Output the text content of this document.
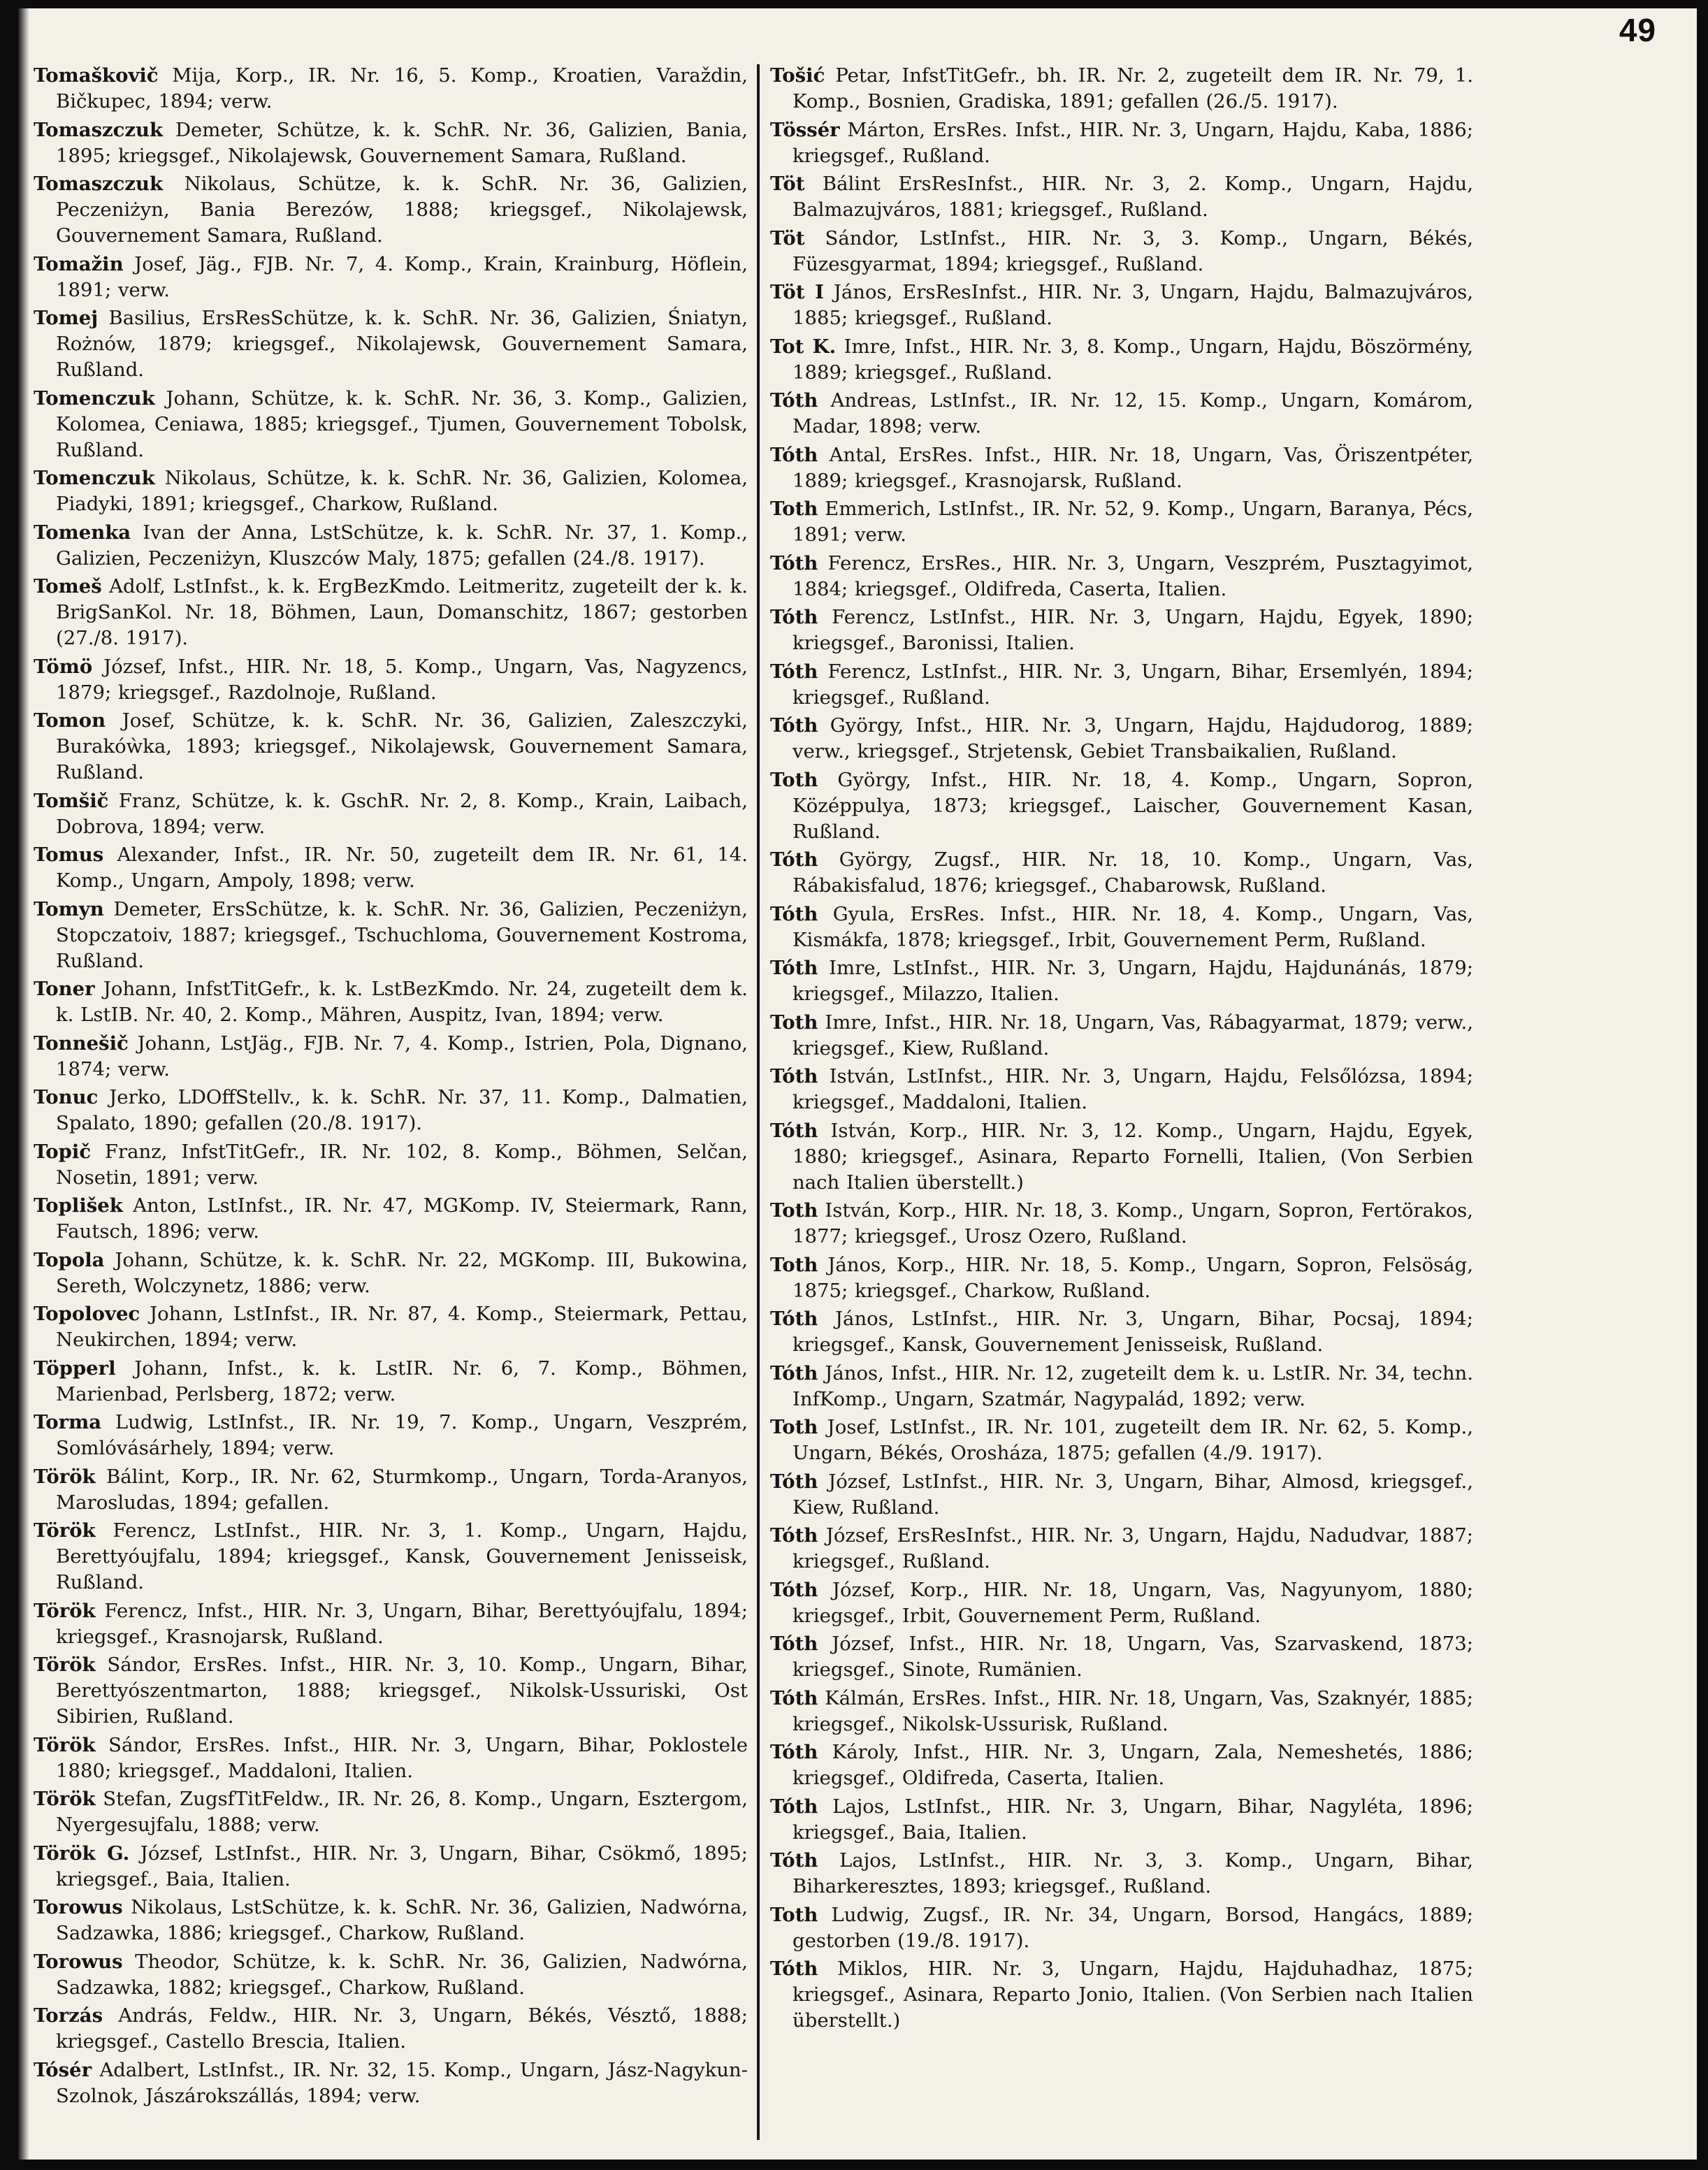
49

Tomaškovič Mija, Korp., IR. Nr. 16, 5. Komp., Kroatien, Varaždin, Bičkupec, 1894; verw.

Tomaszczuk Demeter, Schütze, k. k. SchR. Nr. 36, Galizien, Bania, 1895; kriegsgef., Nikolajewsk, Gouvernement Samara, Rußland.

Tomaszczuk Nikolaus, Schütze, k. k. SchR. Nr. 36, Galizien, Peczeniżyn, Bania Berezów, 1888; kriegsgef., Nikolajewsk, Gouvernement Samara, Rußland.

Tomažin Josef, Jäg., FJB. Nr. 7, 4. Komp., Krain, Krainburg, Höflein, 1891; verw.

Tomej Basilius, ErsResSchütze, k. k. SchR. Nr. 36, Galizien, Śniatyn, Rożnów, 1879; kriegsgef., Nikolajewsk, Gouvernement Samara, Rußland.

Tomenczuk Johann, Schütze, k. k. SchR. Nr. 36, 3. Komp., Galizien, Kolomea, Ceniawa, 1885; kriegsgef., Tjumen, Gouvernement Tobolsk, Rußland.

Tomenczuk Nikolaus, Schütze, k. k. SchR. Nr. 36, Galizien, Kolomea, Piadyki, 1891; kriegsgef., Charkow, Rußland.

Tomenka Ivan der Anna, LstSchütze, k. k. SchR. Nr. 37, 1. Komp., Galizien, Peczeniżyn, Kluszców Maly, 1875; gefallen (24./8. 1917).

Tomeš Adolf, LstInfst., k. k. ErgBezKmdo. Leitmeritz, zugeteilt der k. k. BrigSanKol. Nr. 18, Böhmen, Laun, Domanschitz, 1867; gestorben (27./8. 1917).

Tömö József, Infst., HIR. Nr. 18, 5. Komp., Ungarn, Vas, Nagyzencs, 1879; kriegsgef., Razdolnoje, Rußland.

Tomon Josef, Schütze, k. k. SchR. Nr. 36, Galizien, Zaleszczyki, Burakóẁka, 1893; kriegsgef., Nikolajewsk, Gouvernement Samara, Rußland.

Tomšič Franz, Schütze, k. k. GschR. Nr. 2, 8. Komp., Krain, Laibach, Dobrova, 1894; verw.

Tomus Alexander, Infst., IR. Nr. 50, zugeteilt dem IR. Nr. 61, 14. Komp., Ungarn, Ampoly, 1898; verw.

Tomyn Demeter, ErsSchütze, k. k. SchR. Nr. 36, Galizien, Peczeniżyn, Stopczatoiv, 1887; kriegsgef., Tschuchloma, Gouvernement Kostroma, Rußland.

Toner Johann, InfstTitGefr., k. k. LstBezKmdo. Nr. 24, zugeteilt dem k. k. LstIB. Nr. 40, 2. Komp., Mähren, Auspitz, Ivan, 1894; verw.

Tonnešič Johann, LstJäg., FJB. Nr. 7, 4. Komp., Istrien, Pola, Dignano, 1874; verw.

Tonuc Jerko, LDOffStellv., k. k. SchR. Nr. 37, 11. Komp., Dalmatien, Spalato, 1890; gefallen (20./8. 1917).

Topič Franz, InfstTitGefr., IR. Nr. 102, 8. Komp., Böhmen, Selčan, Nosetin, 1891; verw.

Toplišek Anton, LstInfst., IR. Nr. 47, MGKomp. IV, Steiermark, Rann, Fautsch, 1896; verw.

Topola Johann, Schütze, k. k. SchR. Nr. 22, MGKomp. III, Bukowina, Sereth, Wolczynetz, 1886; verw.

Topolovec Johann, LstInfst., IR. Nr. 87, 4. Komp., Steiermark, Pettau, Neukirchen, 1894; verw.

Töpperl Johann, Infst., k. k. LstIR. Nr. 6, 7. Komp., Böhmen, Marienbad, Perlsberg, 1872; verw.

Torma Ludwig, LstInfst., IR. Nr. 19, 7. Komp., Ungarn, Veszprém, Somlóvásárhely, 1894; verw.

Török Bálint, Korp., IR. Nr. 62, Sturmkomp., Ungarn, Torda-Aranyos, Marosludas, 1894; gefallen.

Török Ferencz, LstInfst., HIR. Nr. 3, 1. Komp., Ungarn, Hajdu, Berettyóujfalu, 1894; kriegsgef., Kansk, Gouvernement Jenisseisk, Rußland.

Török Ferencz, Infst., HIR. Nr. 3, Ungarn, Bihar, Berettyóujfalu, 1894; kriegsgef., Krasnojarsk, Rußland.

Török Sándor, ErsRes. Infst., HIR. Nr. 3, 10. Komp., Ungarn, Bihar, Berettyószentmarton, 1888; kriegsgef., Nikolsk-Ussuriski, Ost Sibirien, Rußland.

Török Sándor, ErsRes. Infst., HIR. Nr. 3, Ungarn, Bihar, Poklostele 1880; kriegsgef., Maddaloni, Italien.

Török Stefan, ZugsfTitFeldw., IR. Nr. 26, 8. Komp., Ungarn, Esztergom, Nyergesujfalu, 1888; verw.

Török G. József, LstInfst., HIR. Nr. 3, Ungarn, Bihar, Csökmő, 1895; kriegsgef., Baia, Italien.

Torowus Nikolaus, LstSchütze, k. k. SchR. Nr. 36, Galizien, Nadwórna, Sadzawka, 1886; kriegsgef., Charkow, Rußland.

Torowus Theodor, Schütze, k. k. SchR. Nr. 36, Galizien, Nadwórna, Sadzawka, 1882; kriegsgef., Charkow, Rußland.

Torzás András, Feldw., HIR. Nr. 3, Ungarn, Békés, Vésztő, 1888; kriegsgef., Castello Brescia, Italien.

Tósér Adalbert, LstInfst., IR. Nr. 32, 15. Komp., Ungarn, Jász-Nagykun-Szolnok, Jászárokszállás, 1894; verw.

Tošić Petar, InfstTitGefr., bh. IR. Nr. 2, zugeteilt dem IR. Nr. 79, 1. Komp., Bosnien, Gradiska, 1891; gefallen (26./5. 1917).

Tössér Márton, ErsRes. Infst., HIR. Nr. 3, Ungarn, Hajdu, Kaba, 1886; kriegsgef., Rußland.

Töt Bálint ErsResInfst., HIR. Nr. 3, 2. Komp., Ungarn, Hajdu, Balmazujváros, 1881; kriegsgef., Rußland.

Töt Sándor, LstInfst., HIR. Nr. 3, 3. Komp., Ungarn, Békés, Füzesgyarmat, 1894; kriegsgef., Rußland.

Töt I János, ErsResInfst., HIR. Nr. 3, Ungarn, Hajdu, Balmazujváros, 1885; kriegsgef., Rußland.

Tot K. Imre, Infst., HIR. Nr. 3, 8. Komp., Ungarn, Hajdu, Böszörmény, 1889; kriegsgef., Rußland.

Tóth Andreas, LstInfst., IR. Nr. 12, 15. Komp., Ungarn, Komárom, Madar, 1898; verw.

Tóth Antal, ErsRes. Infst., HIR. Nr. 18, Ungarn, Vas, Öriszentpéter, 1889; kriegsgef., Krasnojarsk, Rußland.

Toth Emmerich, LstInfst., IR. Nr. 52, 9. Komp., Ungarn, Baranya, Pécs, 1891; verw.

Tóth Ferencz, ErsRes., HIR. Nr. 3, Ungarn, Veszprém, Pusztagyimot, 1884; kriegsgef., Oldifreda, Caserta, Italien.

Tóth Ferencz, LstInfst., HIR. Nr. 3, Ungarn, Hajdu, Egyek, 1890; kriegsgef., Baronissi, Italien.

Tóth Ferencz, LstInfst., HIR. Nr. 3, Ungarn, Bihar, Ersemlyén, 1894; kriegsgef., Rußland.

Tóth György, Infst., HIR. Nr. 3, Ungarn, Hajdu, Hajdudorog, 1889; verw., kriegsgef., Strjetensk, Gebiet Transbaikalien, Rußland.

Toth György, Infst., HIR. Nr. 18, 4. Komp., Ungarn, Sopron, Középpulya, 1873; kriegsgef., Laischer, Gouvernement Kasan, Rußland.

Tóth György, Zugsf., HIR. Nr. 18, 10. Komp., Ungarn, Vas, Rábakisfalud, 1876; kriegsgef., Chabarowsk, Rußland.

Tóth Gyula, ErsRes. Infst., HIR. Nr. 18, 4. Komp., Ungarn, Vas, Kismákfa, 1878; kriegsgef., Irbit, Gouvernement Perm, Rußland.

Tóth Imre, LstInfst., HIR. Nr. 3, Ungarn, Hajdu, Hajdunánás, 1879; kriegsgef., Milazzo, Italien.

Toth Imre, Infst., HIR. Nr. 18, Ungarn, Vas, Rábagyarmat, 1879; verw., kriegsgef., Kiew, Rußland.

Tóth István, LstInfst., HIR. Nr. 3, Ungarn, Hajdu, Felsőlózsa, 1894; kriegsgef., Maddaloni, Italien.

Tóth István, Korp., HIR. Nr. 3, 12. Komp., Ungarn, Hajdu, Egyek, 1880; kriegsgef., Asinara, Reparto Fornelli, Italien, (Von Serbien nach Italien überstellt.)

Toth István, Korp., HIR. Nr. 18, 3. Komp., Ungarn, Sopron, Fertörakos, 1877; kriegsgef., Urosz Ozero, Rußland.

Toth János, Korp., HIR. Nr. 18, 5. Komp., Ungarn, Sopron, Felsöság, 1875; kriegsgef., Charkow, Rußland.

Tóth János, LstInfst., HIR. Nr. 3, Ungarn, Bihar, Pocsaj, 1894; kriegsgef., Kansk, Gouvernement Jenisseisk, Rußland.

Tóth János, Infst., HIR. Nr. 12, zugeteilt dem k. u. LstIR. Nr. 34, techn. InfKomp., Ungarn, Szatmár, Nagypalád, 1892; verw.

Toth Josef, LstInfst., IR. Nr. 101, zugeteilt dem IR. Nr. 62, 5. Komp., Ungarn, Békés, Orosháza, 1875; gefallen (4./9. 1917).

Tóth József, LstInfst., HIR. Nr. 3, Ungarn, Bihar, Almosd, kriegsgef., Kiew, Rußland.

Tóth József, ErsResInfst., HIR. Nr. 3, Ungarn, Hajdu, Nadudvar, 1887; kriegsgef., Rußland.

Tóth József, Korp., HIR. Nr. 18, Ungarn, Vas, Nagyunyom, 1880; kriegsgef., Irbit, Gouvernement Perm, Rußland.

Tóth József, Infst., HIR. Nr. 18, Ungarn, Vas, Szarvaskend, 1873; kriegsgef., Sinote, Rumänien.

Tóth Kálmán, ErsRes. Infst., HIR. Nr. 18, Ungarn, Vas, Szaknyér, 1885; kriegsgef., Nikolsk-Ussurisk, Rußland.

Tóth Károly, Infst., HIR. Nr. 3, Ungarn, Zala, Nemeshetés, 1886; kriegsgef., Oldifreda, Caserta, Italien.

Tóth Lajos, LstInfst., HIR. Nr. 3, Ungarn, Bihar, Nagyléta, 1896; kriegsgef., Baia, Italien.

Tóth Lajos, LstInfst., HIR. Nr. 3, 3. Komp., Ungarn, Bihar, Biharkeresztes, 1893; kriegsgef., Rußland.

Toth Ludwig, Zugsf., IR. Nr. 34, Ungarn, Borsod, Hangács, 1889; gestorben (19./8. 1917).

Tóth Miklos, HIR. Nr. 3, Ungarn, Hajdu, Hajduhadhaz, 1875; kriegsgef., Asinara, Reparto Jonio, Italien. (Von Serbien nach Italien überstellt.)
